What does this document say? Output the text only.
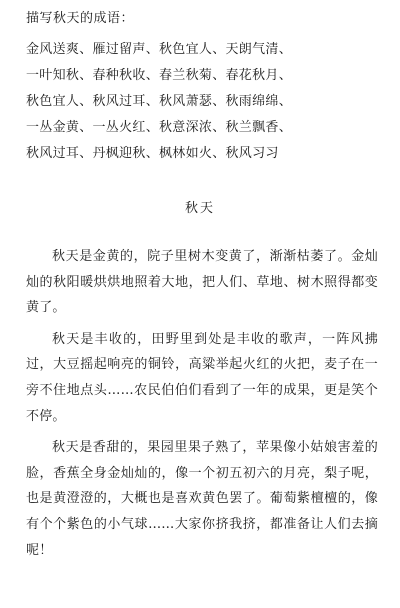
描写秋天的成语：
金风送爽、雁过留声、秋色宜人、天朗气清、
一叶知秋、春种秋收、春兰秋菊、春花秋月、
秋色宜人、秋风过耳、秋风萧瑟、秋雨绵绵、
一丛金黄、一丛火红、秋意深浓、秋兰飘香、
秋风过耳、丹枫迎秋、枫林如火、秋风习习
秋天

秋天是金黄的，院子里树木变黄了，渐渐枯萎了。金灿灿的秋阳暖烘烘地照着大地，把人们、草地、树木照得都变黄了。

秋天是丰收的，田野里到处是丰收的歌声，一阵风拂过，大豆摇起响亮的铜铃，高粱举起火红的火把，麦子在一旁不住地点头……农民伯伯们看到了一年的成果，更是笑个不停。

秋天是香甜的，果园里果子熟了，苹果像小姑娘害羞的脸，香蕉全身金灿灿的，像一个初五初六的月亮，梨子呢，也是黄澄澄的，大概也是喜欢黄色罢了。葡萄紫檀檀的，像有个个紫色的小气球……大家你挤我挤，都准备让人们去摘呢！
